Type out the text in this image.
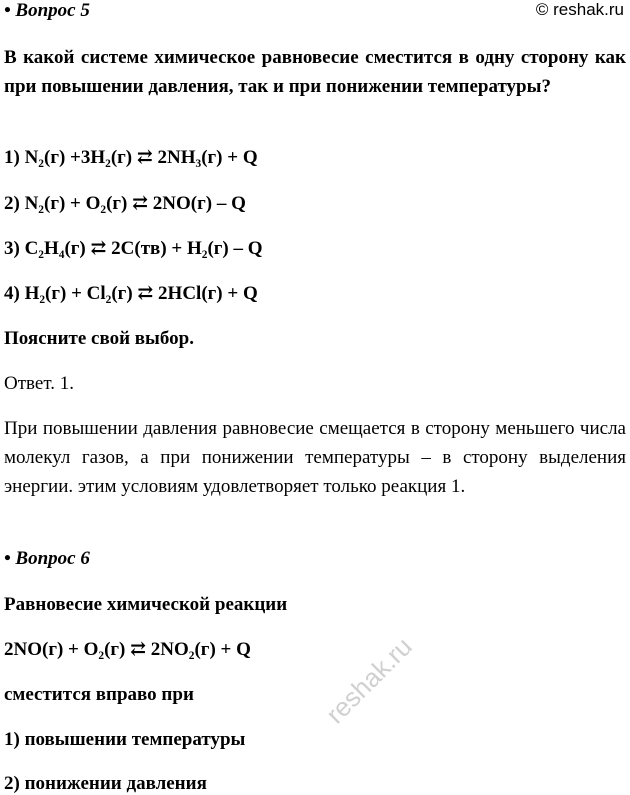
• Вопрос 5	© reshak.ru
В какой системе химическое равновесие сместится в одну сторону как при повышении давления, так и при понижении температуры?
1) N₂(г) +3H₂(г) ⇄ 2NH₃(г) + Q
2) N₂(г) + O₂(г) ⇄ 2NO(г) – Q
3) C₂H₄(г) ⇄ 2C(тв) + H₂(г) – Q
4) H₂(г) + Cl₂(г) ⇄ 2HCl(г) + Q
Поясните свой выбор.
Ответ. 1.
При повышении давления равновесие смещается в сторону меньшего числа молекул газов, а при понижении температуры – в сторону выделения энергии. этим условиям удовлетворяет только реакция 1.
• Вопрос 6
Равновесие химической реакции
2NO(г) + O₂(г) ⇄ 2NO₂(г) + Q
сместится вправо при
1) повышении температуры
2) понижении давления
reshak.ru
